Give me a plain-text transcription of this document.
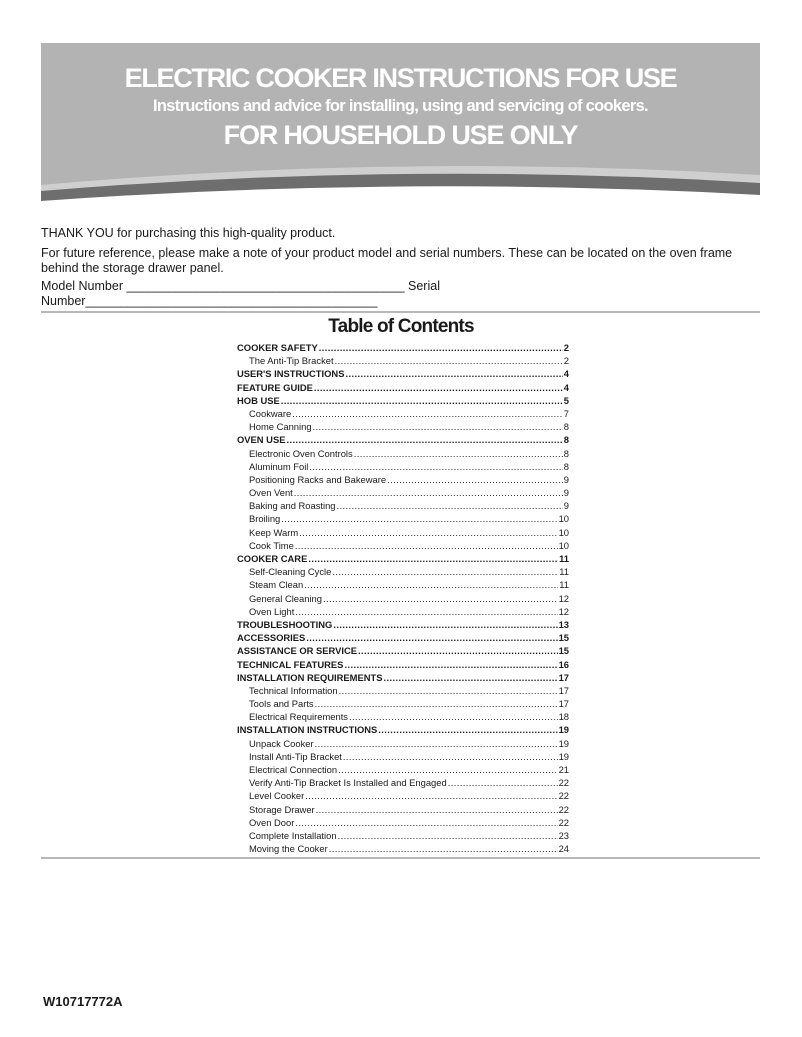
ELECTRIC COOKER INSTRUCTIONS FOR USE
Instructions and advice for installing, using and servicing of cookers.
FOR HOUSEHOLD USE ONLY
THANK YOU for purchasing this high-quality product.
For future reference, please make a note of your product model and serial numbers. These can be located on the oven frame behind the storage drawer panel.
Model Number ________________________________________ Serial Number__________________________________________
Table of Contents
COOKER SAFETY .....	2
The Anti-Tip Bracket .....	2
USER'S INSTRUCTIONS .....	4
FEATURE GUIDE .....	4
HOB USE .....	5
Cookware .....	7
Home Canning .....	8
OVEN USE .....	8
Electronic Oven Controls .....	8
Aluminum Foil .....	8
Positioning Racks and Bakeware .....	9
Oven Vent .....	9
Baking and Roasting .....	9
Broiling .....	10
Keep Warm .....	10
Cook Time .....	10
COOKER CARE .....	11
Self-Cleaning Cycle .....	11
Steam Clean .....	11
General Cleaning .....	12
Oven Light .....	12
TROUBLESHOOTING .....	13
ACCESSORIES .....	15
ASSISTANCE OR SERVICE .....	15
TECHNICAL FEATURES .....	16
INSTALLATION REQUIREMENTS .....	17
Technical Information .....	17
Tools and Parts .....	17
Electrical Requirements .....	18
INSTALLATION INSTRUCTIONS .....	19
Unpack Cooker .....	19
Install Anti-Tip Bracket .....	19
Electrical Connection .....	21
Verify Anti-Tip Bracket Is Installed and Engaged .....	22
Level Cooker .....	22
Storage Drawer .....	22
Oven Door .....	22
Complete Installation .....	23
Moving the Cooker .....	24
W10717772A
